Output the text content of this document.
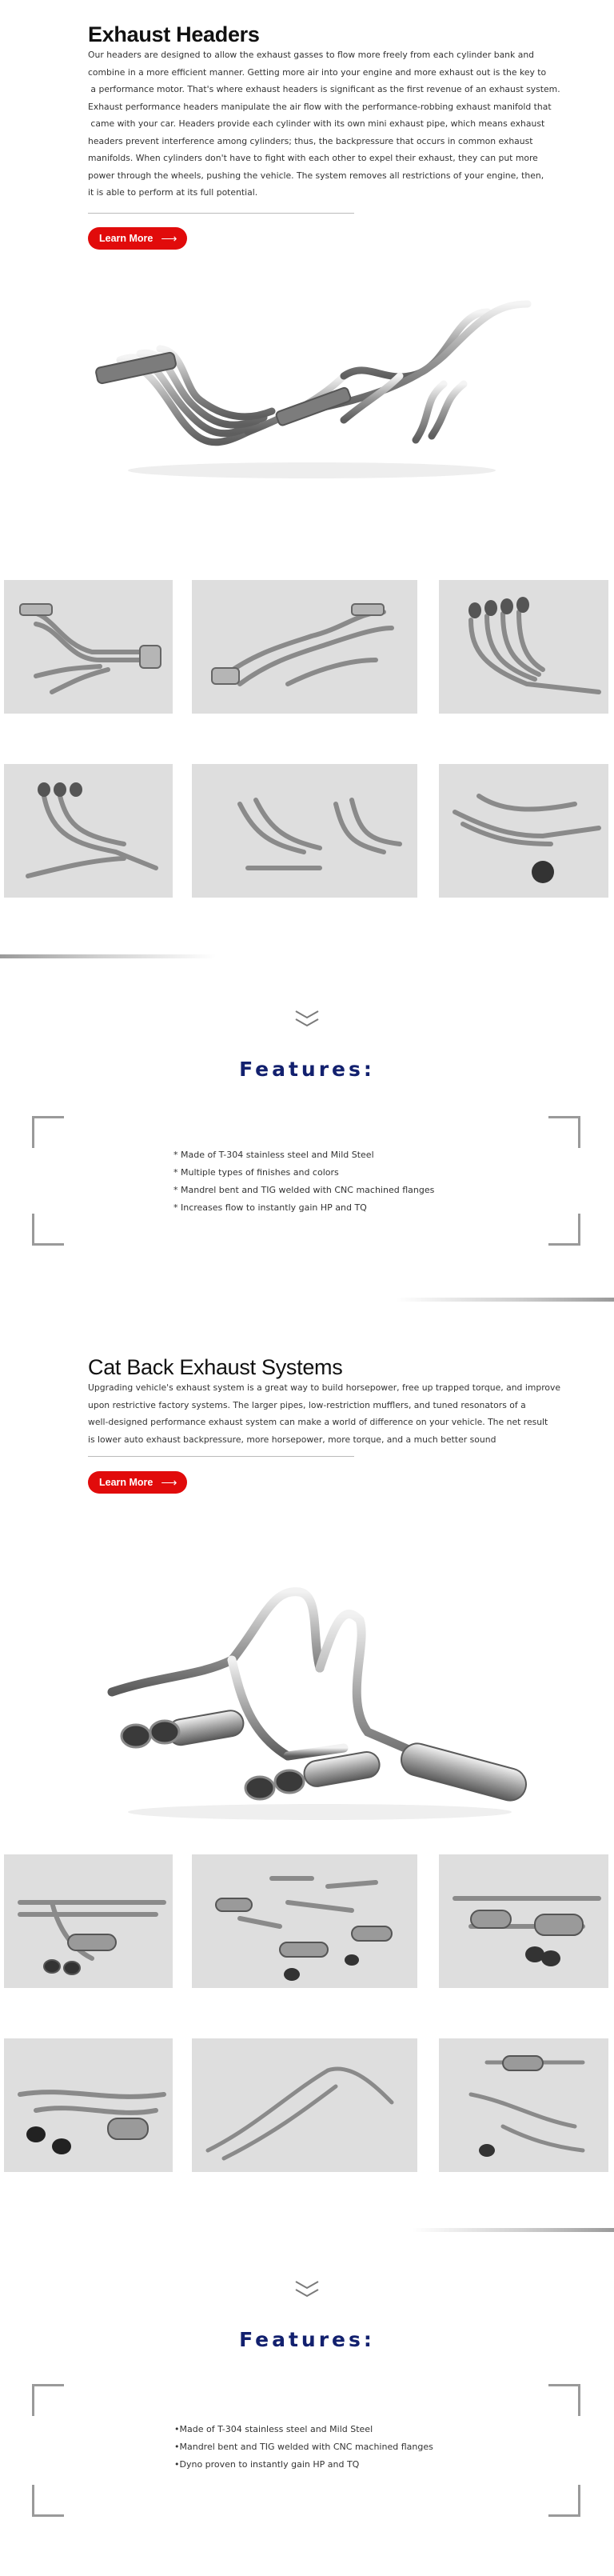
Exhaust Headers
Our headers are designed to allow the exhaust gasses to flow more freely from each cylinder bank and
combine in a more efficient manner. Getting more air into your engine and more exhaust out is the key to
a performance motor. That's where exhaust headers is significant as the first revenue of an exhaust system.
Exhaust performance headers manipulate the air flow with the performance-robbing exhaust manifold that
came with your car. Headers provide each cylinder with its own mini exhaust pipe, which means exhaust
headers prevent interference among cylinders; thus, the backpressure that occurs in common exhaust
manifolds. When cylinders don't have to fight with each other to expel their exhaust, they can put more
power through the wheels, pushing the vehicle. The system removes all restrictions of your engine, then,
it is able to perform at its full potential.
Learn More ⟶
Features:
* Made of T-304 stainless steel and Mild Steel
* Multiple types of finishes and colors
* Mandrel bent and TIG welded with CNC machined flanges
* Increases flow to instantly gain HP and TQ
Cat Back Exhaust Systems
Upgrading vehicle's exhaust system is a great way to build horsepower, free up trapped torque, and improve
upon restrictive factory systems. The larger pipes, low-restriction mufflers, and tuned resonators of a
well-designed performance exhaust system can make a world of difference on your vehicle. The net result
is lower auto exhaust backpressure, more horsepower, more torque, and a much better sound
Learn More ⟶
Features:
•Made of T-304 stainless steel and Mild Steel
•Mandrel bent and TIG welded with CNC machined flanges
•Dyno proven to instantly gain HP and TQ
